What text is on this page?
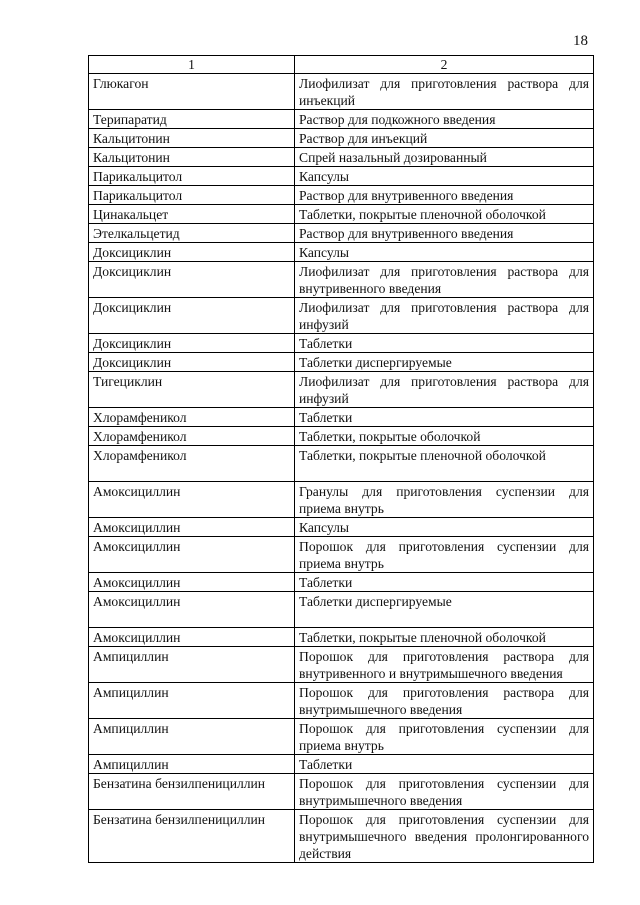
18
1	2
Глюкагон	Лиофилизат для приготовления раствора для инъекций
Терипаратид	Раствор для подкожного введения
Кальцитонин	Раствор для инъекций
Кальцитонин	Спрей назальный дозированный
Парикальцитол	Капсулы
Парикальцитол	Раствор для внутривенного введения
Цинакальцет	Таблетки, покрытые пленочной оболочкой
Этелкальцетид	Раствор для внутривенного введения
Доксициклин	Капсулы
Доксициклин	Лиофилизат для приготовления раствора для внутривенного введения
Доксициклин	Лиофилизат для приготовления раствора для инфузий
Доксициклин	Таблетки
Доксициклин	Таблетки диспергируемые
Тигециклин	Лиофилизат для приготовления раствора для инфузий
Хлорамфеникол	Таблетки
Хлорамфеникол	Таблетки, покрытые оболочкой
Хлорамфеникол	Таблетки, покрытые пленочной оболочкой
Амоксициллин	Гранулы для приготовления суспензии для приема внутрь
Амоксициллин	Капсулы
Амоксициллин	Порошок для приготовления суспензии для приема внутрь
Амоксициллин	Таблетки
Амоксициллин	Таблетки диспергируемые
Амоксициллин	Таблетки, покрытые пленочной оболочкой
Ампициллин	Порошок для приготовления раствора для внутривенного и внутримышечного введения
Ампициллин	Порошок для приготовления раствора для внутримышечного введения
Ампициллин	Порошок для приготовления суспензии для приема внутрь
Ампициллин	Таблетки
Бензатина бензилпенициллин	Порошок для приготовления суспензии для внутримышечного введения
Бензатина бензилпенициллин	Порошок для приготовления суспензии для внутримышечного введения пролонгированного действия
